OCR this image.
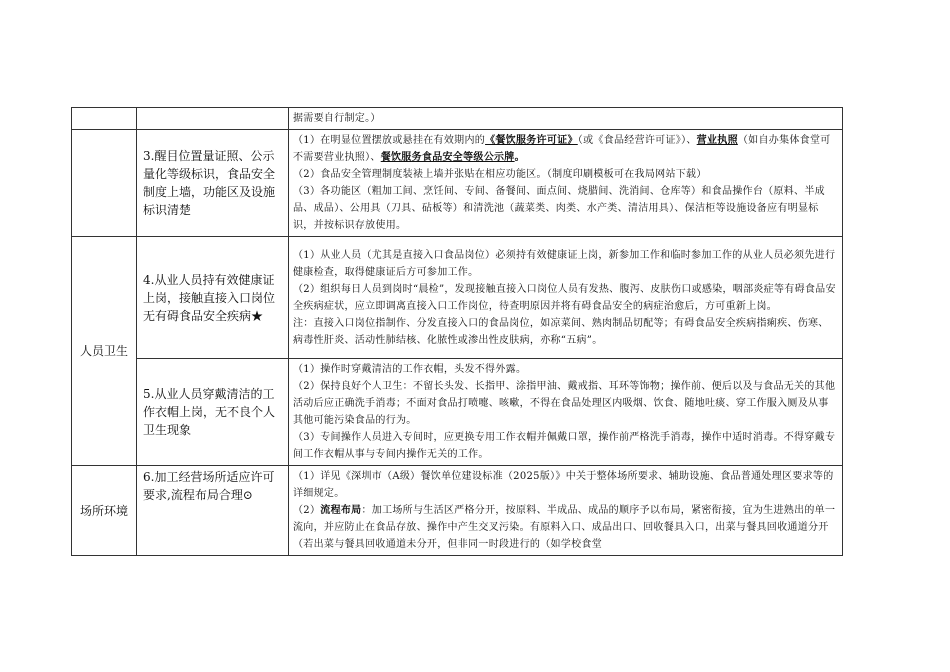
		据需要自行制定。）

	3.醒目位置量证照、公示量化等级标识，食品安全制度上墙，功能区及设施标识清楚	（1）在明显位置摆放或悬挂在有效期内的《餐饮服务许可证》（或《食品经营许可证》）、营业执照（如自办集体食堂可不需要营业执照）、餐饮服务食品安全等级公示牌。

（2）食品安全管理制度装裱上墙并张贴在相应功能区。（制度印刷模板可在我局网站下载）

（3）各功能区（粗加工间、烹饪间、专间、备餐间、面点间、烧腊间、洗消间、仓库等）和食品操作台（原料、半成品、成品）、公用具（刀具、砧板等）和清洗池（蔬菜类、肉类、水产类、清洁用具）、保洁柜等设施设备应有明显标识，并按标识存放使用。

人员卫生	4.从业人员持有效健康证上岗，接触直接入口岗位无有碍食品安全疾病★	（1）从业人员（尤其是直接入口食品岗位）必须持有效健康证上岗，新参加工作和临时参加工作的从业人员必须先进行健康检查，取得健康证后方可参加工作。

（2）组织每日人员到岗时“晨检”，发现接触直接入口岗位人员有发热、腹泻、皮肤伤口或感染，咽部炎症等有碍食品安全疾病症状，应立即调离直接入口工作岗位，待查明原因并将有碍食品安全的病症治愈后，方可重新上岗。

注：直接入口岗位指制作、分发直接入口的食品岗位，如凉菜间、熟肉制品切配等；有碍食品安全疾病指痢疾、伤寒、病毒性肝炎、活动性肺结核、化脓性或渗出性皮肤病，亦称“五病”。

	5.从业人员穿戴清洁的工作衣帽上岗，无不良个人卫生现象	（1）操作时穿戴清洁的工作衣帽，头发不得外露。

（2）保持良好个人卫生：不留长头发、长指甲、涂指甲油、戴戒指、耳环等饰物；操作前、便后以及与食品无关的其他活动后应正确洗手消毒；不面对食品打喷嚏、咳嗽，不得在食品处理区内吸烟、饮食、随地吐痰、穿工作服入厕及从事其他可能污染食品的行为。

（3）专间操作人员进入专间时，应更换专用工作衣帽并佩戴口罩，操作前严格洗手消毒，操作中适时消毒。不得穿戴专间工作衣帽从事与专间内操作无关的工作。

场所环境	6.加工经营场所适应许可要求,流程布局合理⊙	（1）详见《深圳市（A级）餐饮单位建设标准（2025版）》中关于整体场所要求、辅助设施、食品普通处理区要求等的详细规定。

（2）流程布局：加工场所与生活区严格分开，按原料、半成品、成品的顺序予以布局，紧密衔接，宜为生进熟出的单一流向，并应防止在食品存放、操作中产生交叉污染。有原料入口、成品出口、回收餐具入口，出菜与餐具回收通道分开（若出菜与餐具回收通道未分开，但非同一时段进行的（如学校食堂
